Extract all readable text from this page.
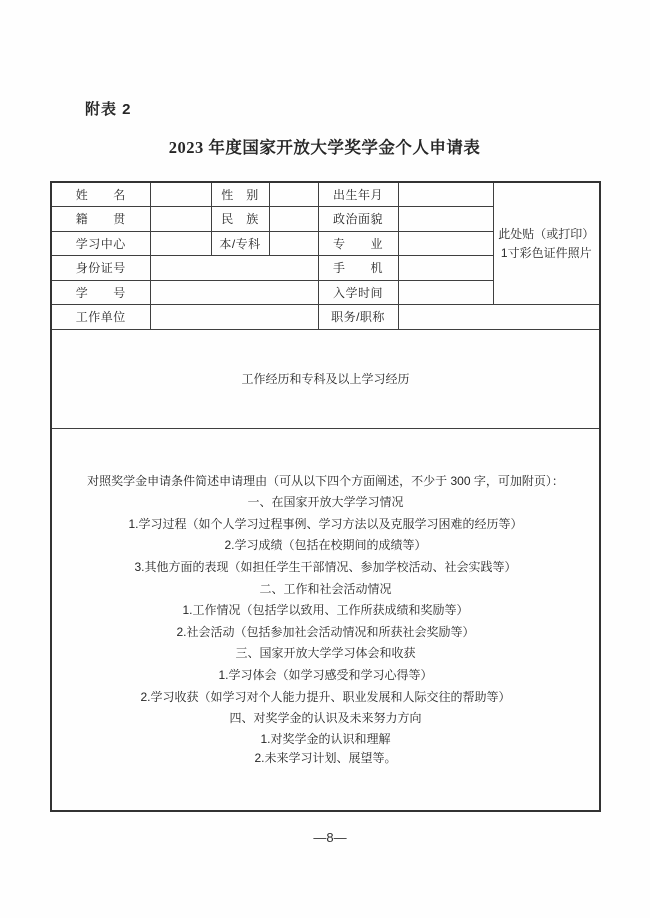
附表 2
2023 年度国家开放大学奖学金个人申请表
姓　　名		性　别		出生年月		此处贴（或打印）1寸彩色证件照片

籍　　贯		民　族		政治面貌		
学习中心		本/专科		专　　业		
身份证号				手　　机		
学　　号				入学时间		
工作单位				职务/职称		

工作经历和专科及以上学习经历						

对照奖学金申请条件简述申请理由（可从以下四个方面阐述，不少于 300 字，可加附页）：
一、在国家开放大学学习情况
1.学习过程（如个人学习过程事例、学习方法以及克服学习困难的经历等）
2.学习成绩（包括在校期间的成绩等）
3.其他方面的表现（如担任学生干部情况、参加学校活动、社会实践等）
二、工作和社会活动情况
1.工作情况（包括学以致用、工作所获成绩和奖励等）
2.社会活动（包括参加社会活动情况和所获社会奖励等）
三、国家开放大学学习体会和收获
1.学习体会（如学习感受和学习心得等）
2.学习收获（如学习对个人能力提升、职业发展和人际交往的帮助等）
四、对奖学金的认识及未来努力方向
1.对奖学金的认识和理解
2.未来学习计划、展望等。
—8—
